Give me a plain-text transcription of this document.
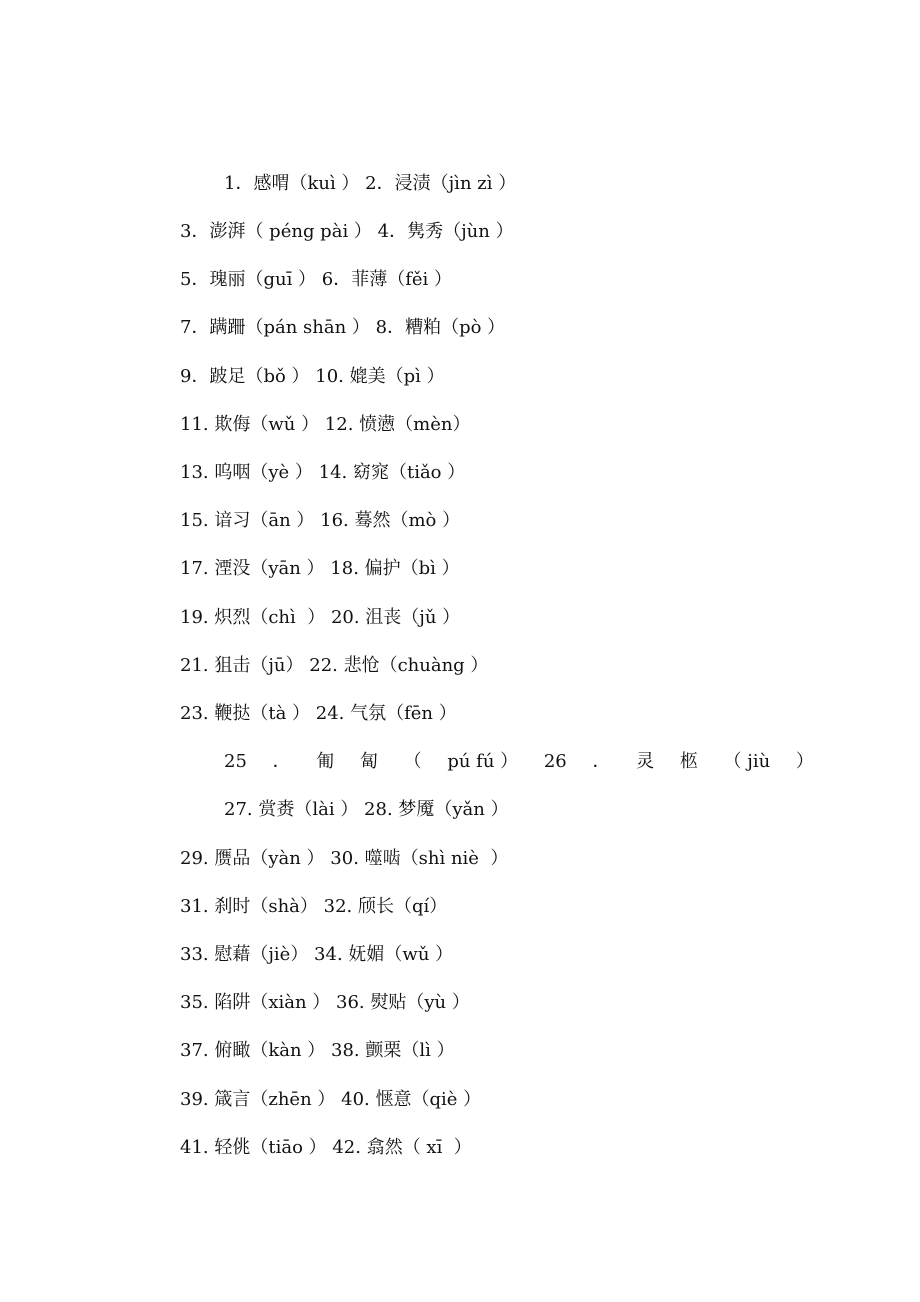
1．感喟（kuì ） 2．浸渍（jìn zì ）
3．澎湃（ péng pài ） 4．隽秀（jùn ）
5．瑰丽（guī ） 6．菲薄（fěi ）
7．蹒跚（pán shān ） 8．糟粕（pò ）
9．跛足（bǒ ） 10. 媲美（pì ）
11. 欺侮（wǔ ） 12. 愤懑（mèn）
13. 呜咽（yè ） 14. 窈窕（tiǎo ）
15. 谙习（ān ） 16. 蓦然（mò ）
17. 湮没（yān ） 18. 偏护（bì ）
19. 炽烈（chì  ） 20. 沮丧（jǔ ）
21. 狙击（jū） 22. 悲怆（chuàng ）
23. 鞭挞（tà ） 24. 气氛（fēn ）
25 ． 匍 匐 （ pú fú ） 26 ． 灵 柩 （ jiù ）
27. 赏赉（lài ） 28. 梦魇（yǎn ）
29. 赝品（yàn ） 30. 噬啮（shì niè  ）
31. 刹时（shà） 32. 颀长（qí）
33. 慰藉（jiè） 34. 妩媚（wǔ ）
35. 陷阱（xiàn ） 36. 熨贴（yù ）
37. 俯瞰（kàn ） 38. 颤栗（lì ）
39. 箴言（zhēn ） 40. 惬意（qiè ）
41. 轻佻（tiāo ） 42. 翕然（ xī  ）
